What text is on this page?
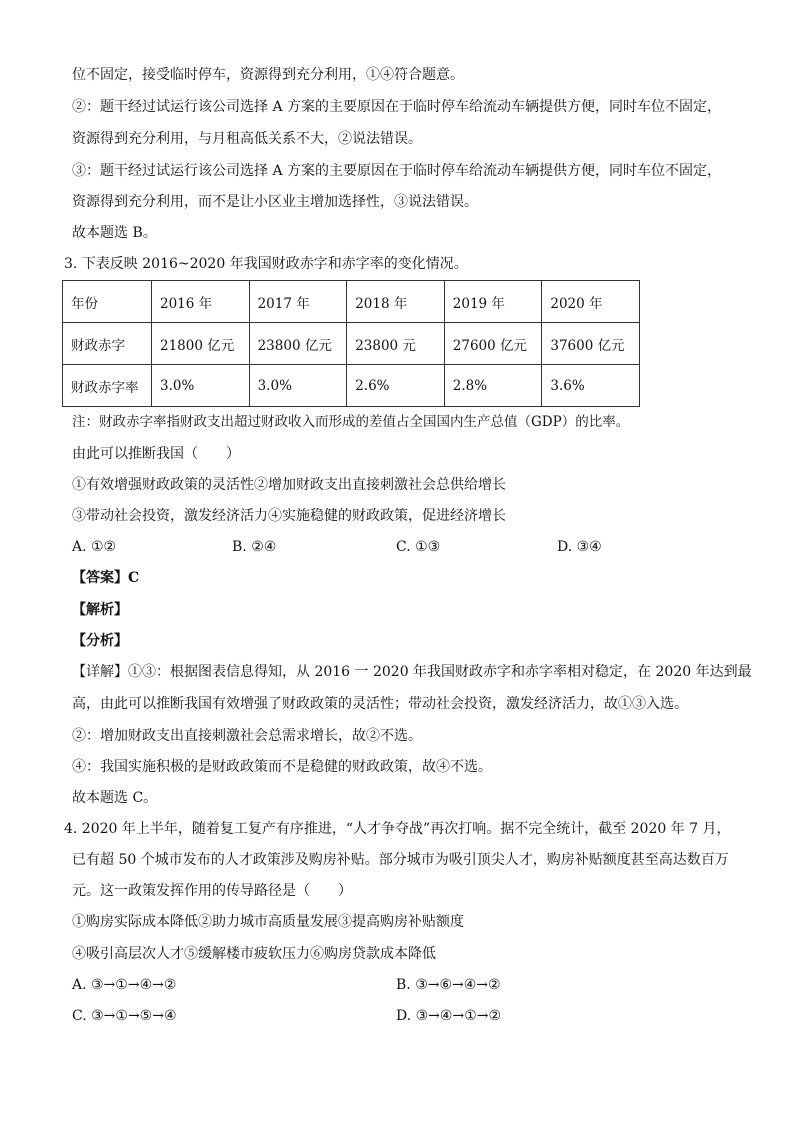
位不固定，接受临时停车，资源得到充分利用，①④符合题意。
②：题干经过试运行该公司选择 A 方案的主要原因在于临时停车给流动车辆提供方便，同时车位不固定，
资源得到充分利用，与月租高低关系不大，②说法错误。
③：题干经过试运行该公司选择 A 方案的主要原因在于临时停车给流动车辆提供方便，同时车位不固定，
资源得到充分利用，而不是让小区业主增加选择性，③说法错误。
故本题选 B。
3. 下表反映 2016~2020 年我国财政赤字和赤字率的变化情况。
年份	2016 年	2017 年	2018 年	2019 年	2020 年
财政赤字	21800 亿元	23800 亿元	23800 元	27600 亿元	37600 亿元
财政赤字率	3.0%	3.0%	2.6%	2.8%	3.6%
注：财政赤字率指财政支出超过财政收入而形成的差值占全国国内生产总值（GDP）的比率。
由此可以推断我国（　　）
①有效增强财政政策的灵活性②增加财政支出直接刺激社会总供给增长
③带动社会投资，激发经济活力④实施稳健的财政政策，促进经济增长
A. ①②	B. ②④	C. ①③	D. ③④
【答案】C
【解析】
【分析】
【详解】①③：根据图表信息得知，从 2016 一 2020 年我国财政赤字和赤字率相对稳定，在 2020 年达到最
高，由此可以推断我国有效增强了财政政策的灵活性；带动社会投资，激发经济活力，故①③入选。
②：增加财政支出直接刺激社会总需求增长，故②不选。
④：我国实施积极的是财政政策而不是稳健的财政政策，故④不选。
故本题选 C。
4. 2020 年上半年，随着复工复产有序推进，“人才争夺战”再次打响。据不完全统计，截至 2020 年 7 月，
已有超 50 个城市发布的人才政策涉及购房补贴。部分城市为吸引顶尖人才，购房补贴额度甚至高达数百万
元。这一政策发挥作用的传导路径是（　　）
①购房实际成本降低②助力城市高质量发展③提高购房补贴额度
④吸引高层次人才⑤缓解楼市疲软压力⑥购房贷款成本降低
A. ③→①→④→②	B. ③→⑥→④→②
C. ③→①→⑤→④	D. ③→④→①→②
